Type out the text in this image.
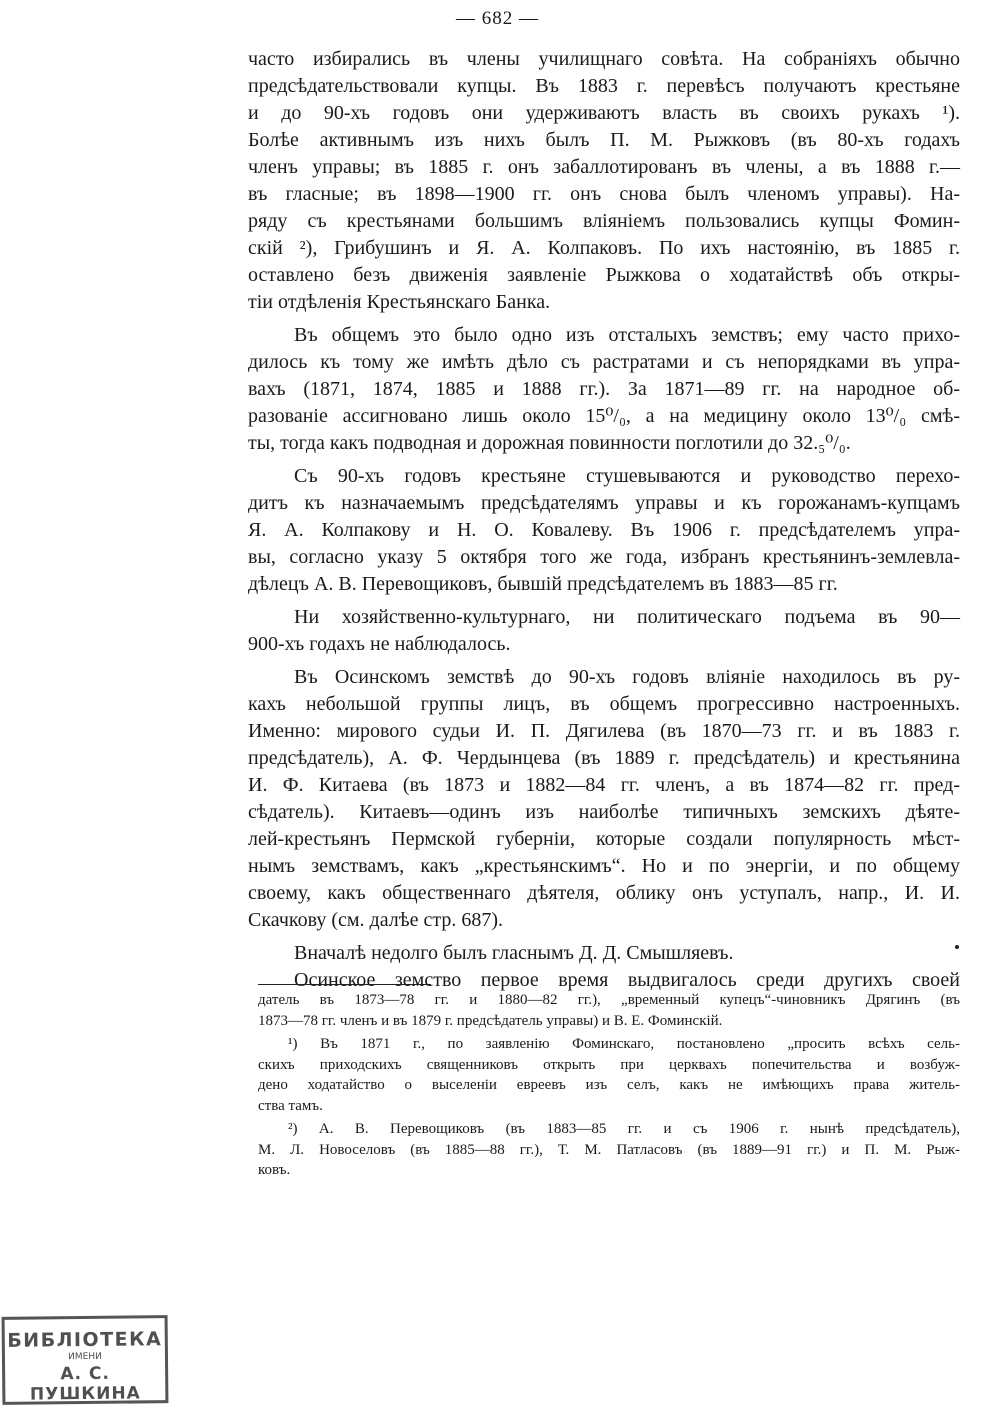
— 682 —
часто избирались въ члены училищнаго совѣта. На собраніяхъ обычно
предсѣдательствовали купцы. Въ 1883 г. перевѣсъ получаютъ крестьяне
и до 90-хъ годовъ они удерживаютъ власть въ своихъ рукахъ ¹).
Болѣе активнымъ изъ нихъ былъ П. М. Рыжковъ (въ 80-хъ годахъ
членъ управы; въ 1885 г. онъ забаллотированъ въ члены, а въ 1888 г.—
въ гласные; въ 1898—1900 гг. онъ снова былъ членомъ управы). На-
ряду съ крестьянами большимъ вліяніемъ пользовались купцы Фомин-
скій ²), Грибушинъ и Я. А. Колпаковъ. По ихъ настоянію, въ 1885 г.
оставлено безъ движенія заявленіе Рыжкова о ходатайствѣ объ откры-
тіи отдѣленія Крестьянскаго Банка.
Въ общемъ это было одно изъ отсталыхъ земствъ; ему часто прихо-
дилось къ тому же имѣть дѣло съ растратами и съ непорядками въ упра-
вахъ (1871, 1874, 1885 и 1888 гг.). За 1871—89 гг. на народное об-
разованіе ассигновано лишь около 15⁰/₀, а на медицину около 13⁰/₀ смѣ-
ты, тогда какъ подводная и дорожная повинности поглотили до 32.₅⁰/₀.
Съ 90-хъ годовъ крестьяне стушевываются и руководство перехо-
дитъ къ назначаемымъ предсѣдателямъ управы и къ горожанамъ-купцамъ
Я. А. Колпакову и Н. О. Ковалеву. Въ 1906 г. предсѣдателемъ упра-
вы, согласно указу 5 октября того же года, избранъ крестьянинъ-землевла-
дѣлецъ А. В. Перевощиковъ, бывшій предсѣдателемъ въ 1883—85 гг.
Ни хозяйственно-культурнаго, ни политическаго подъема въ 90—
900-хъ годахъ не наблюдалось.
Въ Осинскомъ земствѣ до 90-хъ годовъ вліяніе находилось въ ру-
кахъ небольшой группы лицъ, въ общемъ прогрессивно настроенныхъ.
Именно: мирового судьи И. П. Дягилева (въ 1870—73 гг. и въ 1883 г.
предсѣдатель), А. Ф. Чердынцева (въ 1889 г. предсѣдатель) и крестьянина
И. Ф. Китаева (въ 1873 и 1882—84 гг. членъ, а въ 1874—82 гг. пред-
сѣдатель). Китаевъ—одинъ изъ наиболѣе типичныхъ земскихъ дѣяте-
лей-крестьянъ Пермской губерніи, которые создали популярность мѣст-
нымъ земствамъ, какъ „крестьянскимъ“. Но и по энергіи, и по общему
своему, какъ общественнаго дѣятеля, облику онъ уступалъ, напр., И. И.
Скачкову (см. далѣе стр. 687).
Вначалѣ недолго былъ гласнымъ Д. Д. Смышляевъ.
Осинское земство первое время выдвигалось среди другихъ своей
датель въ 1873—78 гг. и 1880—82 гг.), „временный купецъ“-чиновникъ Дрягинъ (въ
1873—78 гг. членъ и въ 1879 г. предсѣдатель управы) и В. Е. Фоминскій.
¹) Въ 1871 г., по заявленію Фоминскаго, постановлено „просить всѣхъ сель-
скихъ приходскихъ священниковъ открыть при церквахъ попечительства и возбуж-
дено ходатайство о выселеніи евреевъ изъ селъ, какъ не имѣющихъ права житель-
ства тамъ.
²) А. В. Перевощиковъ (въ 1883—85 гг. и съ 1906 г. нынѣ предсѣдатель),
М. Л. Новоселовъ (въ 1885—88 гг.), Т. М. Патласовъ (въ 1889—91 гг.) и П. М. Рыж-
ковъ.
БИБЛІОТЕКА
ИМЕНИ
А. С. ПУШКИНА
